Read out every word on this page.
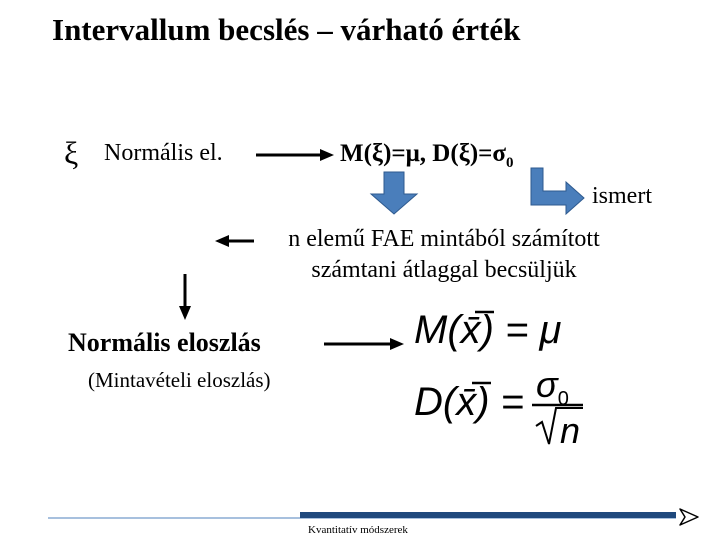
Intervallum becslés – várható érték
ξ Normális el.	M(ξ)=μ, $D(\xi)=\sigma_0$
ismert
n elemű FAE mintából számított számtani átlaggal becsüljük
Normális eloszlás
(Mintavételi eloszlás)
M(x̄) = μ
D(x̄) = $\sigma_0$
n
Kvantitatív módszerek
